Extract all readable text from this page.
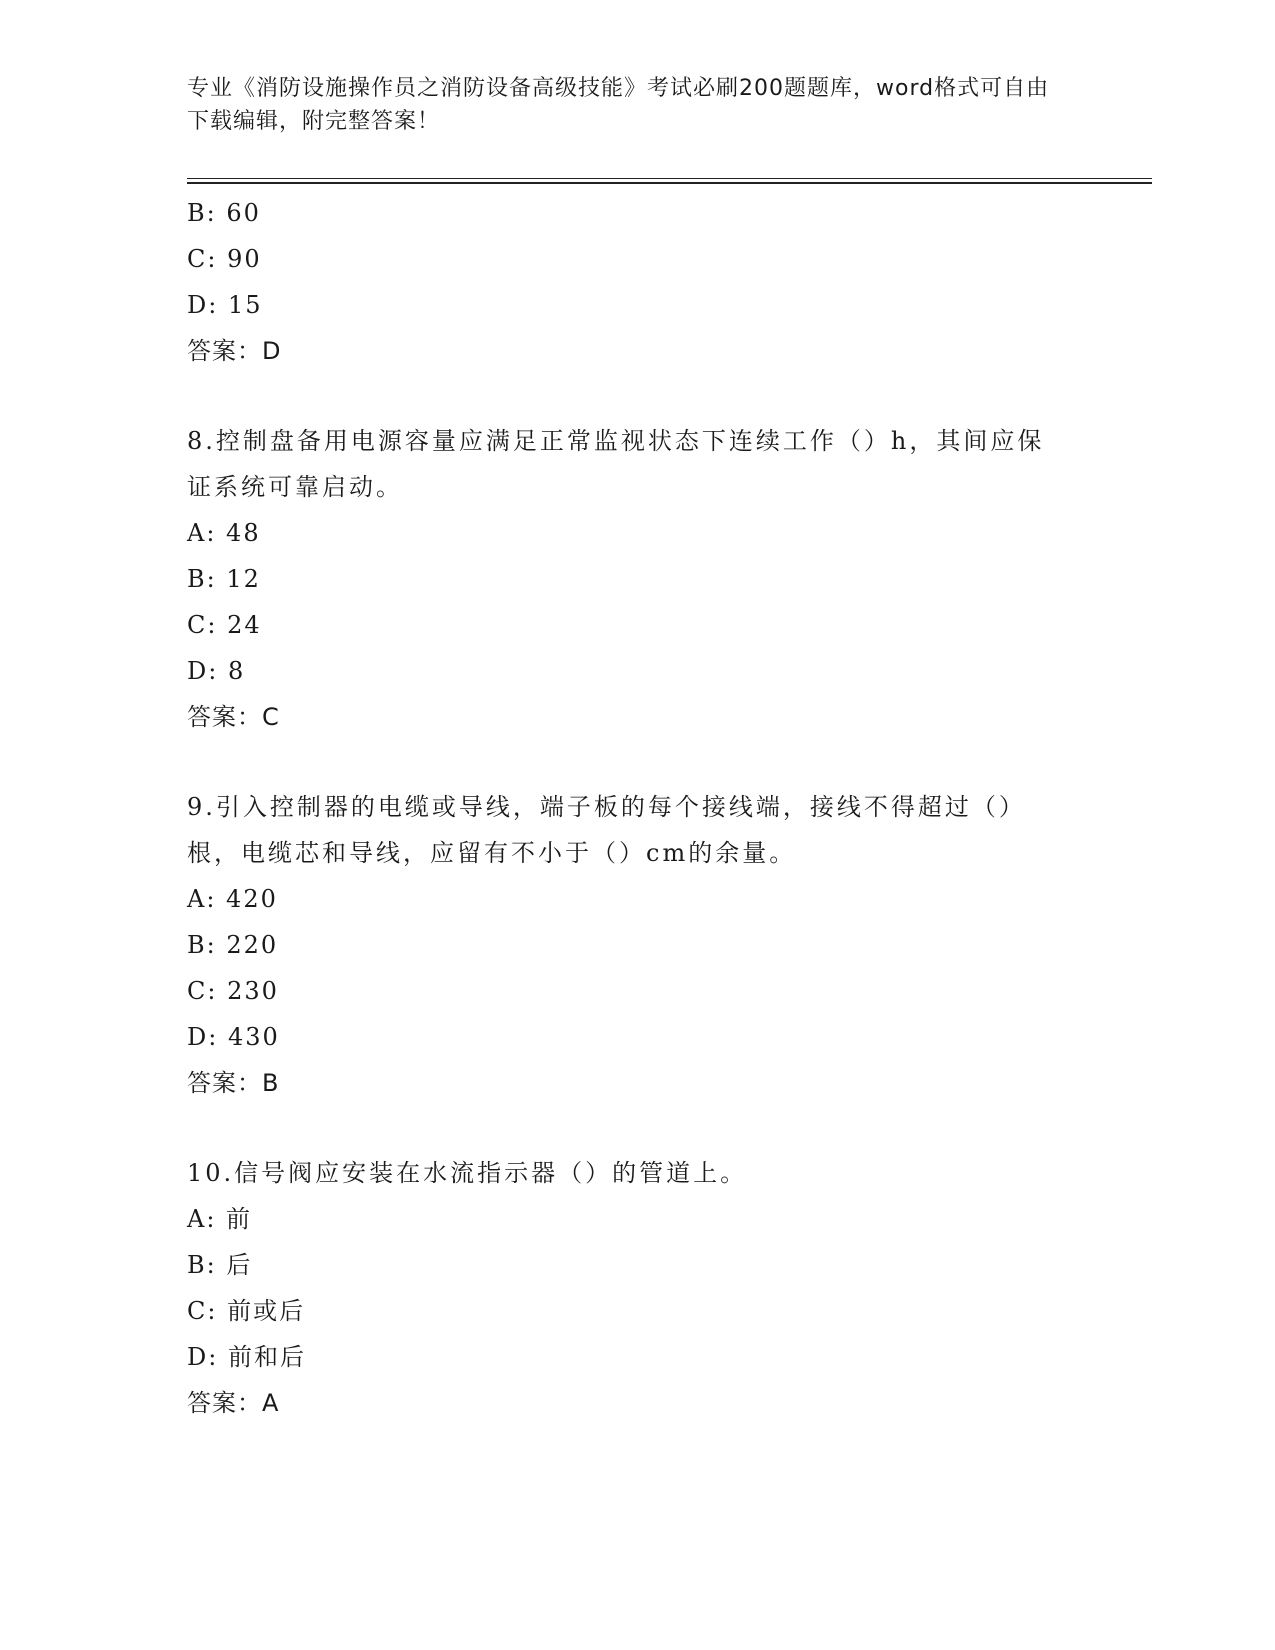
专业《消防设施操作员之消防设备高级技能》考试必刷200题题库，word格式可自由下载编辑，附完整答案！
B: 60
C: 90
D: 15
答案：D
8.控制盘备用电源容量应满足正常监视状态下连续工作（）h，其间应保证系统可靠启动。
A: 48
B: 12
C: 24
D: 8
答案：C
9.引入控制器的电缆或导线，端子板的每个接线端，接线不得超过（）根，电缆芯和导线，应留有不小于（）cm的余量。
A: 420
B: 220
C: 230
D: 430
答案：B
10.信号阀应安装在水流指示器（）的管道上。
A: 前
B: 后
C: 前或后
D: 前和后
答案：A
